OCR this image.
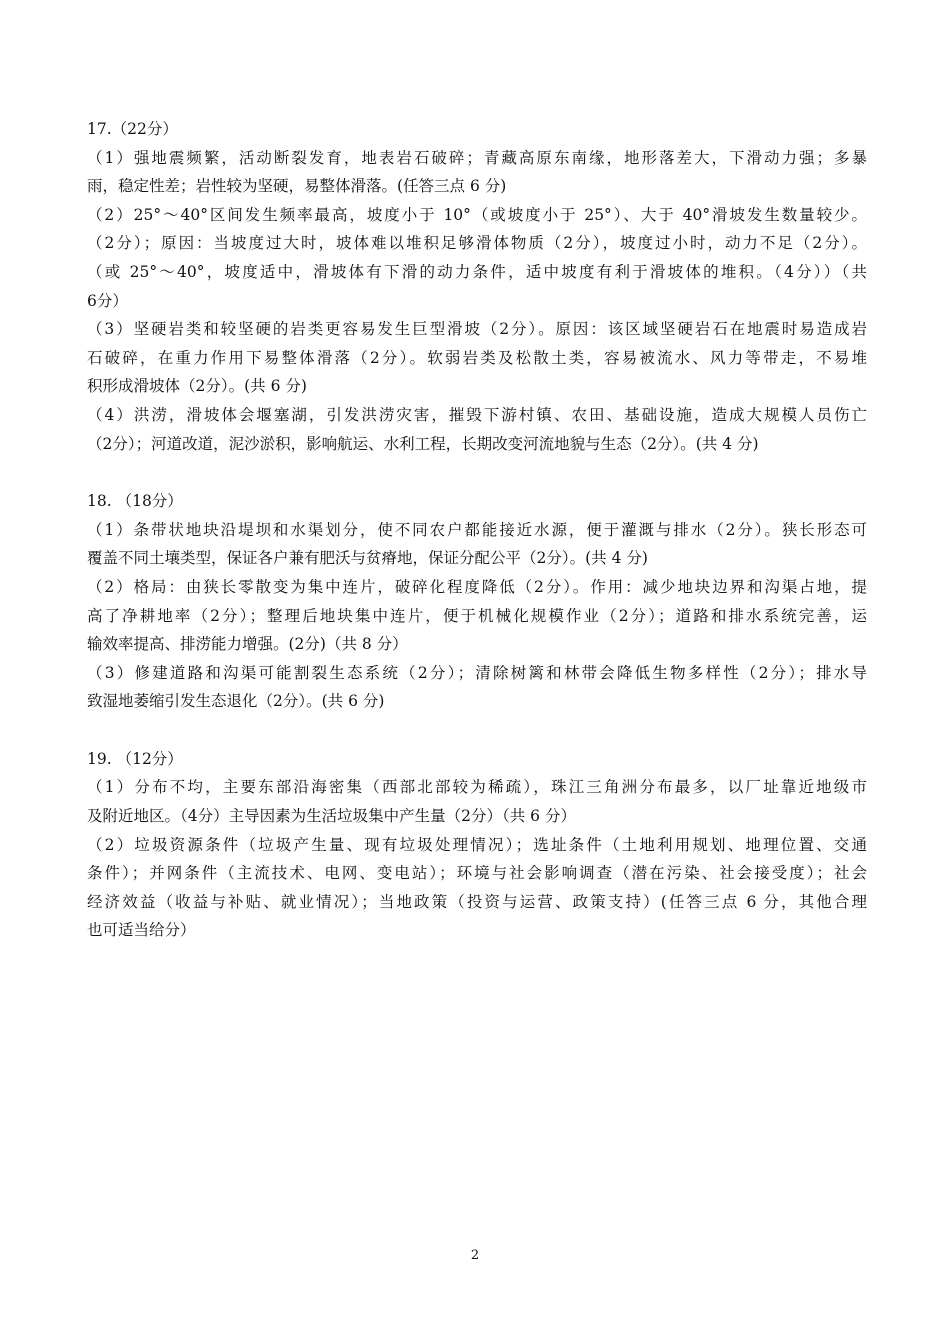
17.（22分）
（1）强地震频繁，活动断裂发育，地表岩石破碎；青藏高原东南缘，地形落差大，下滑动力强；多暴
雨，稳定性差；岩性较为坚硬，易整体滑落。(任答三点 6 分)
（2）25°～40°区间发生频率最高，坡度小于 10°（或坡度小于 25°）、大于 40°滑坡发生数量较少。
（2分）；原因：当坡度过大时，坡体难以堆积足够滑体物质（2分），坡度过小时，动力不足（2分）。
（或 25°～40°，坡度适中，滑坡体有下滑的动力条件，适中坡度有利于滑坡体的堆积。（4分））（共
6分）
（3）坚硬岩类和较坚硬的岩类更容易发生巨型滑坡（2分）。原因：该区域坚硬岩石在地震时易造成岩
石破碎，在重力作用下易整体滑落（2分）。软弱岩类及松散土类，容易被流水、风力等带走，不易堆
积形成滑坡体（2分）。(共 6 分)
（4）洪涝，滑坡体会堰塞湖，引发洪涝灾害，摧毁下游村镇、农田、基础设施，造成大规模人员伤亡
（2分）；河道改道，泥沙淤积，影响航运、水利工程，长期改变河流地貌与生态（2分）。(共 4 分)
18. （18分）
（1）条带状地块沿堤坝和水渠划分，使不同农户都能接近水源，便于灌溉与排水（2分）。狭长形态可
覆盖不同土壤类型，保证各户兼有肥沃与贫瘠地，保证分配公平（2分）。(共 4 分)
（2）格局：由狭长零散变为集中连片，破碎化程度降低（2分）。作用：减少地块边界和沟渠占地，提
高了净耕地率（2分）；整理后地块集中连片，便于机械化规模作业（2分）；道路和排水系统完善，运
输效率提高、排涝能力增强。(2分)（共 8 分）
（3）修建道路和沟渠可能割裂生态系统（2分）；清除树篱和林带会降低生物多样性（2分）；排水导
致湿地萎缩引发生态退化（2分）。(共 6 分)
19. （12分）
（1）分布不均，主要东部沿海密集（西部北部较为稀疏），珠江三角洲分布最多，以厂址靠近地级市
及附近地区。（4分）主导因素为生活垃圾集中产生量（2分）（共 6 分）
（2）垃圾资源条件（垃圾产生量、现有垃圾处理情况）；选址条件（土地利用规划、地理位置、交通
条件）；并网条件（主流技术、电网、变电站）；环境与社会影响调查（潜在污染、社会接受度）；社会
经济效益（收益与补贴、就业情况）；当地政策（投资与运营、政策支持）(任答三点 6 分，其他合理
也可适当给分）
2
